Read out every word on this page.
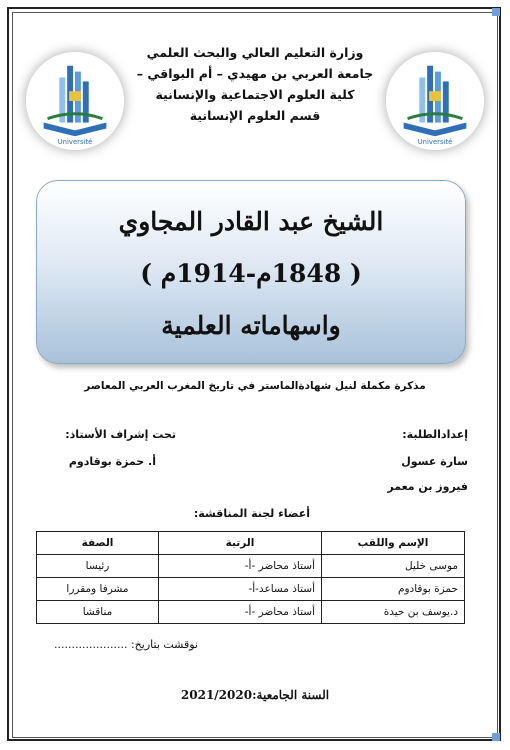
Université	Université
وزارة التعليم العالي والبحث العلمي
جامعة العربي بن مهيدي – أم البواقي –
كلية العلوم الاجتماعية والإنسانية
قسم العلوم الإنسانية
الشيخ عبد القادر المجاوي
( 1848م-1914م )
واسهاماته العلمية
مذكرة مكملة لنيل شهادةالماستر في تاريخ المغرب العربي المعاصر
إعدادالطلبة:
سارة عسول
فيروز بن معمر
تحت إشراف الأستاذ:
أ. حمزة بوقادوم
أعضاء لجنة المناقشة:
الإسم واللقب	الرتبة	الصفة
موسى خليل	أستاذ محاضر -أ-	رئيسا
حمزة بوقادوم	أستاذ مساعد-أ-	مشرفا ومقررا
د.يوسف بن حيدة	أستاذ محاضر -أ-	مناقشا
نوقشت بتاريخ: .....................
السنة الجامعية:2021/2020
